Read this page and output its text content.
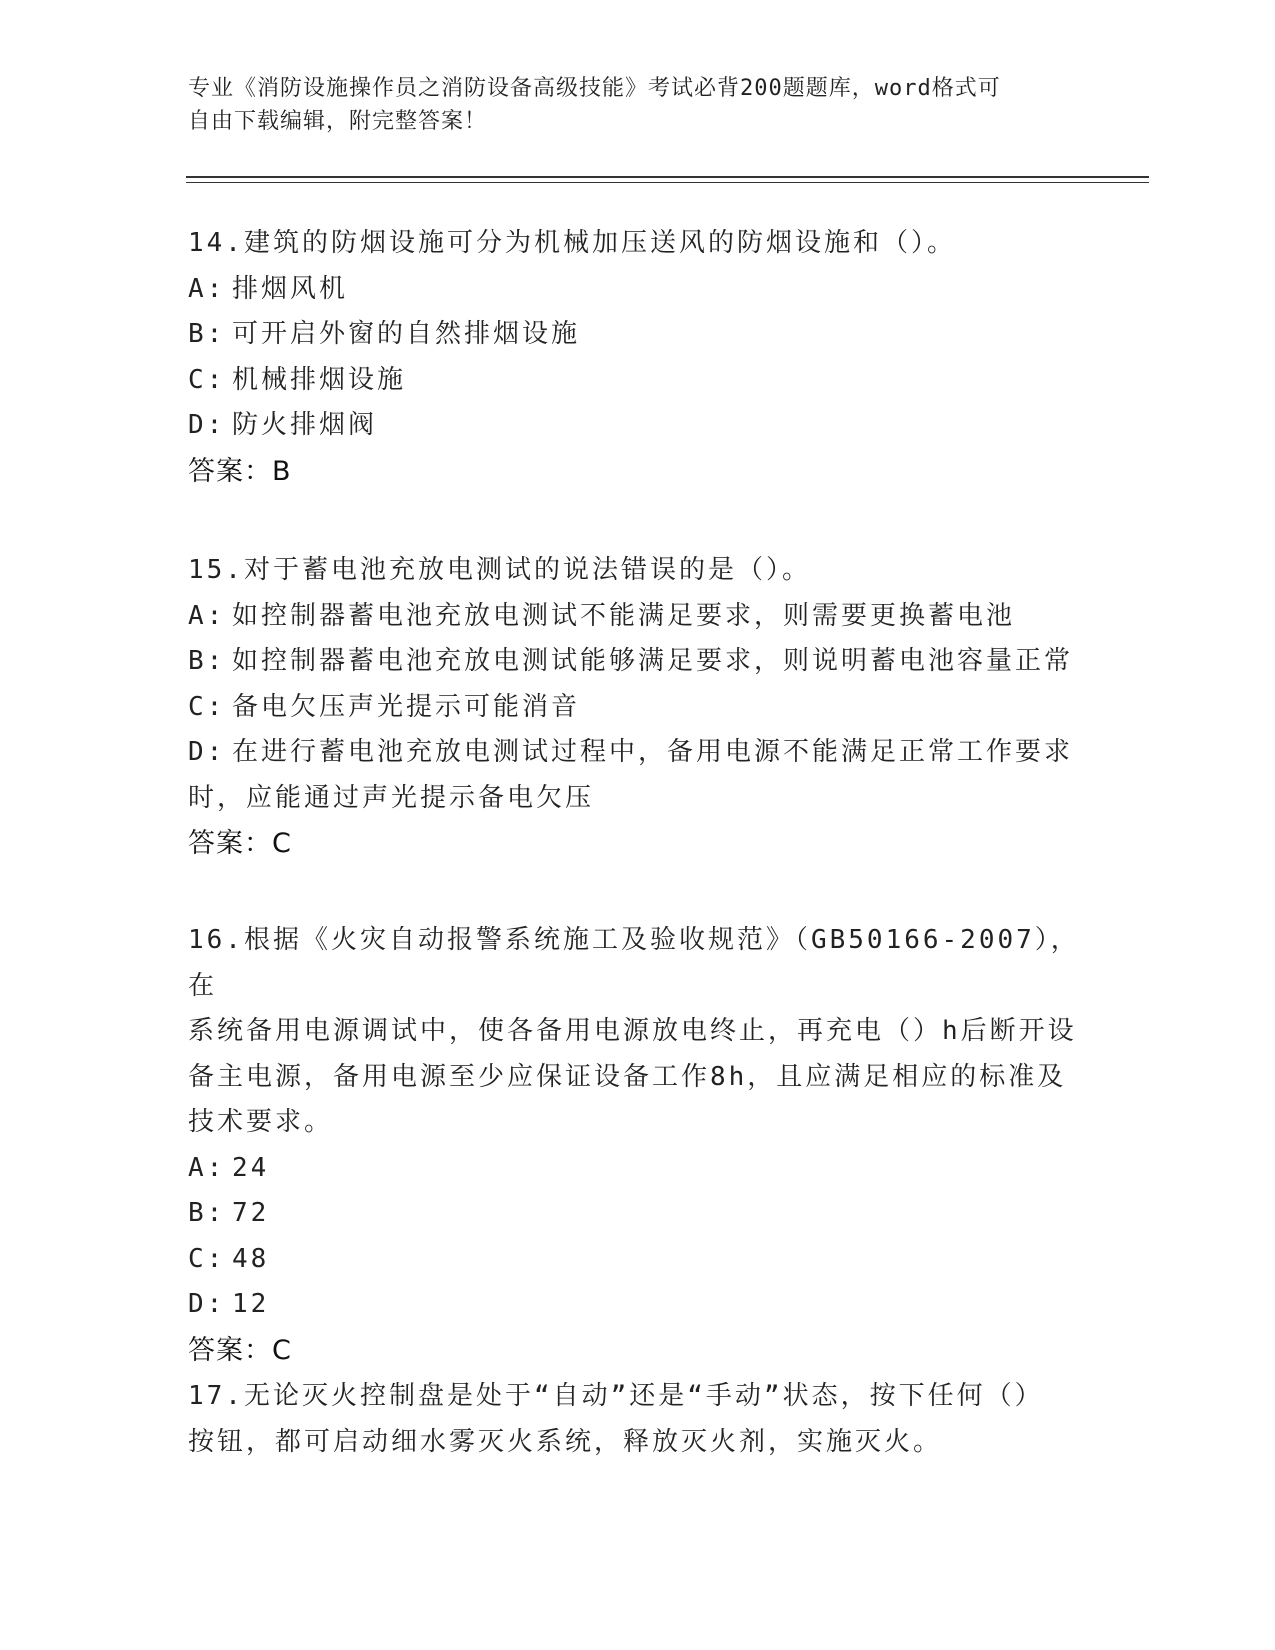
专业《消防设施操作员之消防设备高级技能》考试必背200题题库，word格式可
自由下载编辑，附完整答案！
14.建筑的防烟设施可分为机械加压送风的防烟设施和（）。
A: 排烟风机
B: 可开启外窗的自然排烟设施
C: 机械排烟设施
D: 防火排烟阀
答案：B
15.对于蓄电池充放电测试的说法错误的是（）。
A: 如控制器蓄电池充放电测试不能满足要求，则需要更换蓄电池
B: 如控制器蓄电池充放电测试能够满足要求，则说明蓄电池容量正常
C: 备电欠压声光提示可能消音
D: 在进行蓄电池充放电测试过程中，备用电源不能满足正常工作要求
时，应能通过声光提示备电欠压
答案：C
16.根据《火灾自动报警系统施工及验收规范》（GB50166-2007），在
系统备用电源调试中，使各备用电源放电终止，再充电（）h后断开设
备主电源，备用电源至少应保证设备工作8h，且应满足相应的标准及
技术要求。
A: 24
B: 72
C: 48
D: 12
答案：C
17.无论灭火控制盘是处于“自动”还是“手动”状态，按下任何（）
按钮，都可启动细水雾灭火系统，释放灭火剂，实施灭火。
